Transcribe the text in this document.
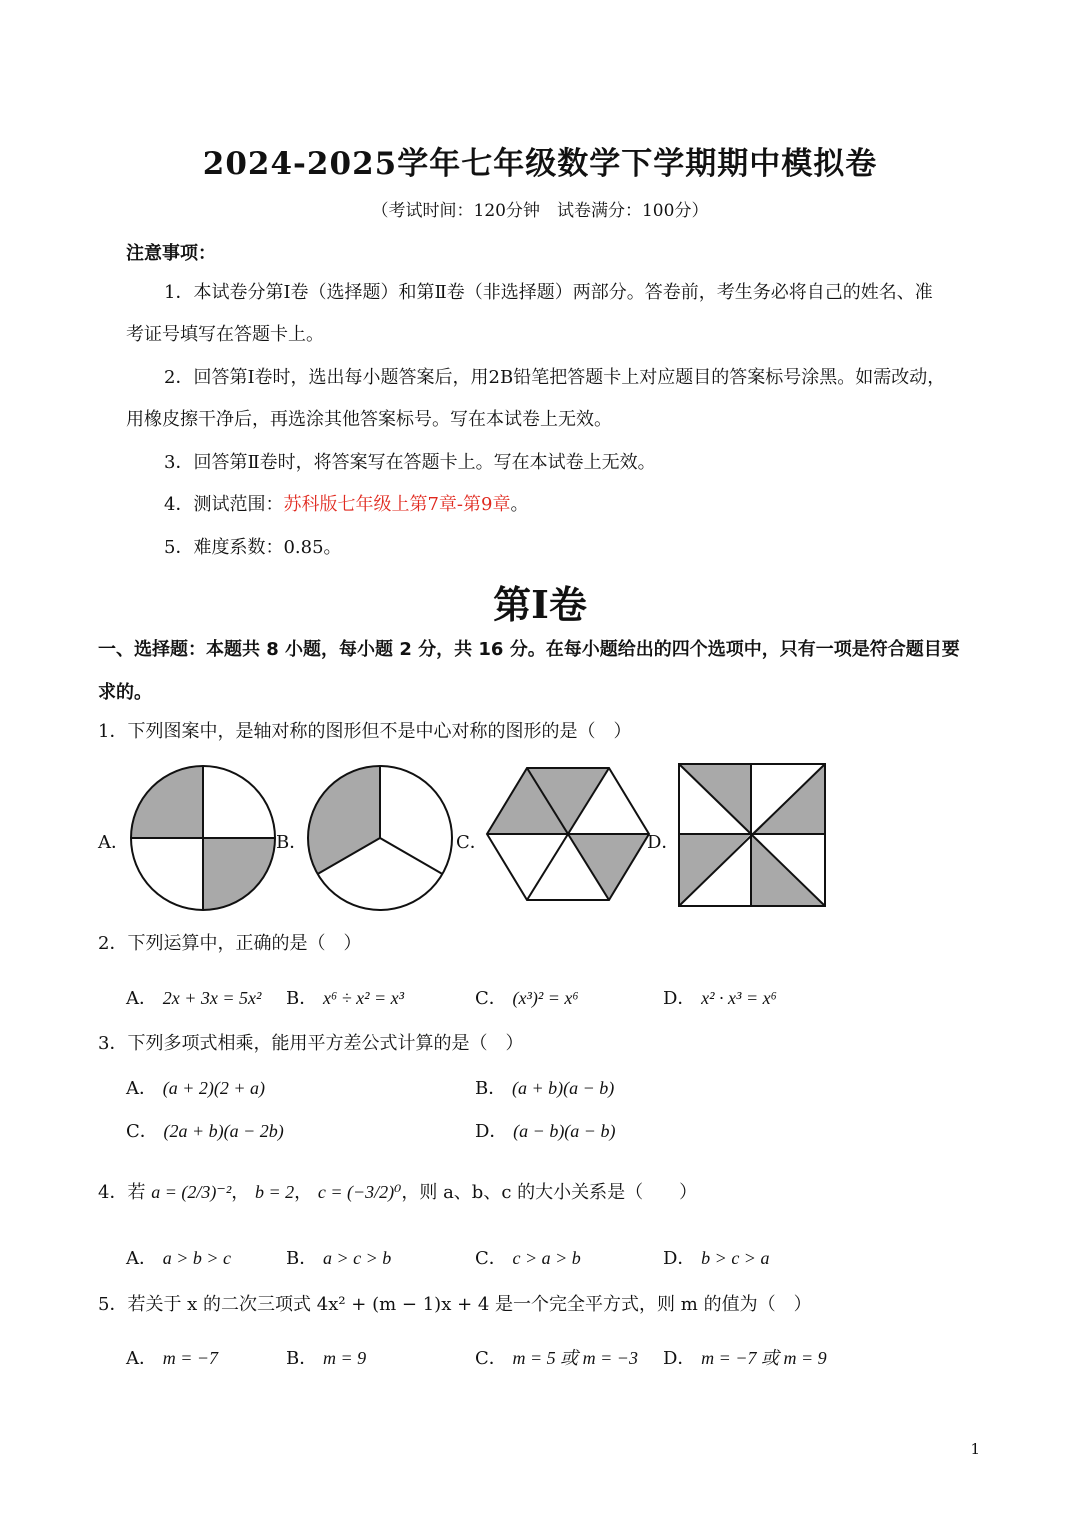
2024-2025学年七年级数学下学期期中模拟卷
（考试时间：120分钟　试卷满分：100分）
注意事项：
1．本试卷分第Ⅰ卷（选择题）和第Ⅱ卷（非选择题）两部分。答卷前，考生务必将自己的姓名、准
考证号填写在答题卡上。
2．回答第Ⅰ卷时，选出每小题答案后，用2B铅笔把答题卡上对应题目的答案标号涂黑。如需改动，
用橡皮擦干净后，再选涂其他答案标号。写在本试卷上无效。
3．回答第Ⅱ卷时，将答案写在答题卡上。写在本试卷上无效。
4．测试范围：苏科版七年级上第7章-第9章。
5．难度系数：0.85。
第Ⅰ卷
一、选择题：本题共 8 小题，每小题 2 分，共 16 分。在每小题给出的四个选项中，只有一项是符合题目要
求的。
1．下列图案中，是轴对称的图形但不是中心对称的图形的是（　）
A．	B．	C．	D．
2．下列运算中，正确的是（　）
A． 2x + 3x = 5x² B． x⁶ ÷ x² = x³	C． (x³)² = x⁶	D． x² · x³ = x⁶
3．下列多项式相乘，能用平方差公式计算的是（　）
A． (a + 2)(2 + a)	B． (a + b)(a − b)
C． (2a + b)(a − 2b)	D． (a − b)(a − b)
4．若 a = (2/3)⁻²， b = 2， c = (−3/2)⁰，则 a、b、c 的大小关系是（　　）
A． a > b > c	B． a > c > b	C． c > a > b	D． b > c > a
5．若关于 x 的二次三项式 4x² + (m − 1)x + 4 是一个完全平方式，则 m 的值为（　）
A． m = −7	B． m = 9	C． m = 5 或 m = −3 D． m = −7 或 m = 9
1
